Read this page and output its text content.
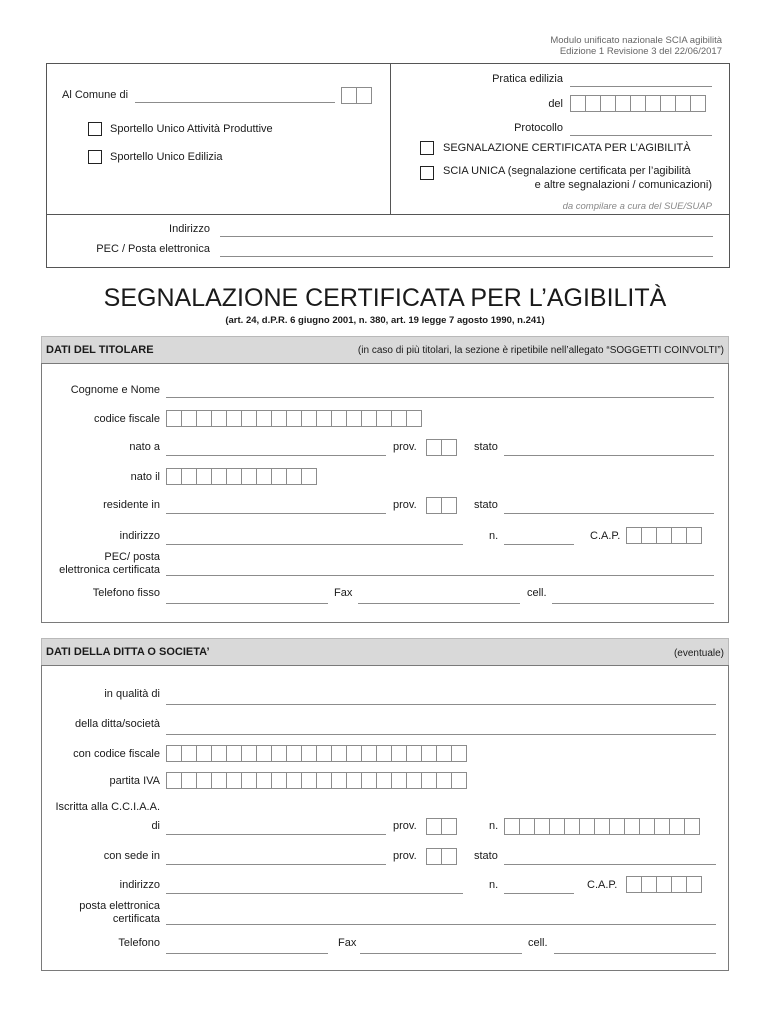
Modulo unificato nazionale SCIA agibilità
Edizione 1 Revisione 3 del 22/06/2017
Al Comune di
Sportello Unico Attività Produttive
Sportello Unico Edilizia
Pratica edilizia
del
Protocollo
SEGNALAZIONE CERTIFICATA PER L’AGIBILITÀ
SCIA UNICA (segnalazione certificata per l’agibilità
e altre segnalazioni / comunicazioni)
da compilare a cura del SUE/SUAP
Indirizzo
PEC / Posta elettronica
SEGNALAZIONE CERTIFICATA PER L’AGIBILITÀ
(art. 24, d.P.R. 6 giugno 2001, n. 380, art. 19 legge 7 agosto 1990, n.241)
DATI DEL TITOLARE	(in caso di più titolari, la sezione è ripetibile nell’allegato “SOGGETTI COINVOLTI”)
Cognome e Nome
codice fiscale
nato a	prov.	stato
nato il
residente in	prov.	stato
indirizzo	n.	C.A.P.
PEC/ posta
elettronica certificata
Telefono fisso	Fax	cell.
DATI DELLA DITTA O SOCIETA’	(eventuale)
in qualità di
della ditta/società
con codice fiscale
partita IVA
Iscritta alla C.C.I.A.A.
di	prov.	n.
con sede in	prov.	stato
indirizzo	n.	C.A.P.
posta elettronica
certificata
Telefono	Fax	cell.
